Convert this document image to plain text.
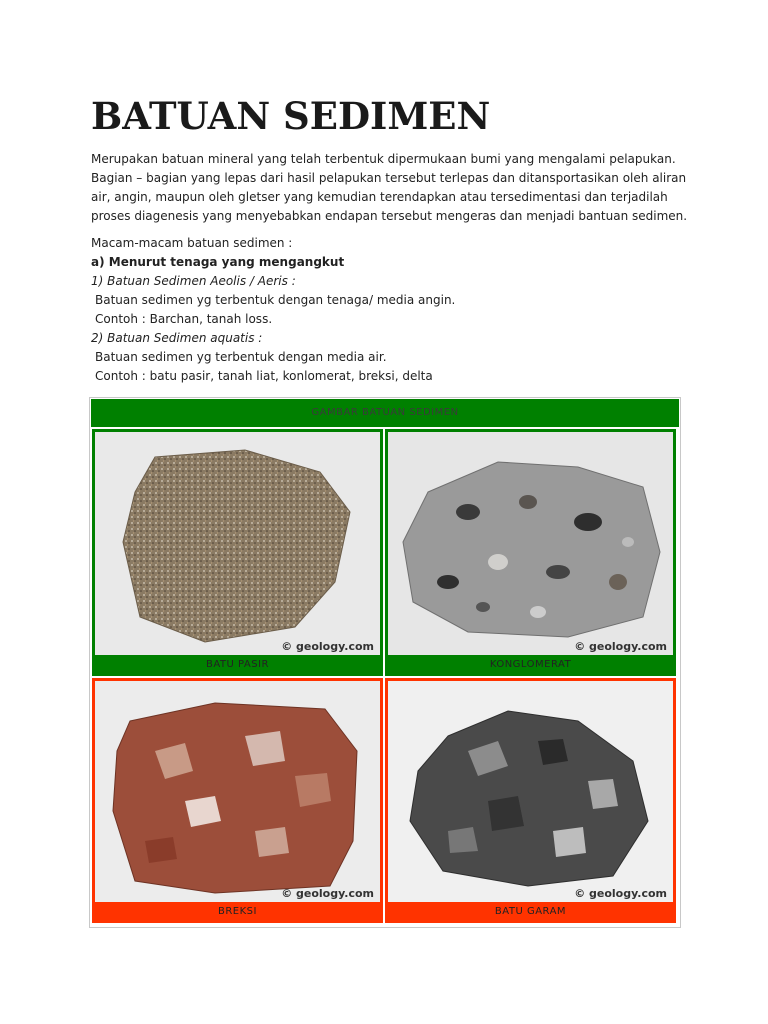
BATUAN SEDIMEN

Merupakan batuan mineral yang telah terbentuk dipermukaan bumi yang mengalami pelapukan. Bagian – bagian yang lepas dari hasil pelapukan tersebut terlepas dan ditansportasikan oleh aliran air, angin, maupun oleh gletser yang kemudian terendapkan atau tersedimentasi dan terjadilah proses diagenesis yang menyebabkan endapan tersebut mengeras dan menjadi bantuan sedimen.

Macam-macam batuan sedimen :
a) Menurut tenaga yang mengangkut
1) Batuan Sedimen Aeolis / Aeris :
Batuan sedimen yg terbentuk dengan tenaga/ media angin.
Contoh : Barchan, tanah loss.
2) Batuan Sedimen aquatis :
Batuan sedimen yg terbentuk dengan media air.
Contoh : batu pasir, tanah liat, konlomerat, breksi, delta
GAMBAR BATUAN SEDIMEN
© geology.com
BATU PASIR
© geology.com
KONGLOMERAT
© geology.com
BREKSI
© geology.com
BATU GARAM
